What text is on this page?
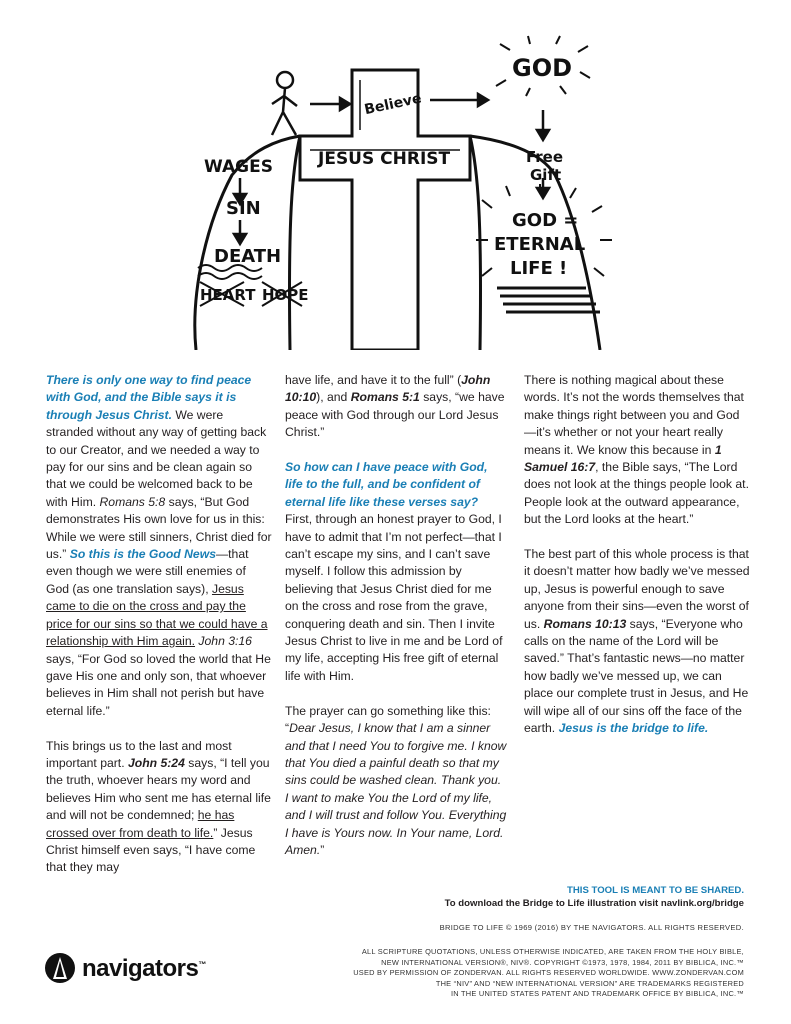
WAGES
SIN
DEATH
HEART HOPE
JESUS CHRIST
Believe
GOD
Free
Gift
GOD =
ETERNAL
LIFE !

There is only one way to find peace with God, and the Bible says it is through Jesus Christ. We were stranded without any way of getting back to our Creator, and we needed a way to pay for our sins and be clean again so that we could be welcomed back to be with Him. Romans 5:8 says, “But God demonstrates His own love for us in this: While we were still sinners, Christ died for us.” So this is the Good News—that even though we were still enemies of God (as one translation says), Jesus came to die on the cross and pay the price for our sins so that we could have a relationship with Him again. John 3:16 says, “For God so loved the world that He gave His one and only son, that whoever believes in Him shall not perish but have eternal life.”

This brings us to the last and most important part. John 5:24 says, “I tell you the truth, whoever hears my word and believes Him who sent me has eternal life and will not be condemned; he has crossed over from death to life.” Jesus Christ himself even says, “I have come that they may

have life, and have it to the full” (John 10:10), and Romans 5:1 says, “we have peace with God through our Lord Jesus Christ.”

So how can I have peace with God, life to the full, and be confident of eternal life like these verses say? First, through an honest prayer to God, I have to admit that I’m not perfect—that I can’t escape my sins, and I can’t save myself. I follow this admission by believing that Jesus Christ died for me on the cross and rose from the grave, conquering death and sin. Then I invite Jesus Christ to live in me and be Lord of my life, accepting His free gift of eternal life with Him.

The prayer can go something like this: “Dear Jesus, I know that I am a sinner and that I need You to forgive me. I know that You died a painful death so that my sins could be washed clean. Thank you. I want to make You the Lord of my life, and I will trust and follow You. Everything I have is Yours now. In Your name, Lord. Amen.”

There is nothing magical about these words. It’s not the words themselves that make things right between you and God—it’s whether or not your heart really means it. We know this because in 1 Samuel 16:7, the Bible says, “The Lord does not look at the things people look at. People look at the outward appearance, but the Lord looks at the heart.”

The best part of this whole process is that it doesn’t matter how badly we’ve messed up, Jesus is powerful enough to save anyone from their sins—even the worst of us. Romans 10:13 says, “Everyone who calls on the name of the Lord will be saved.” That’s fantastic news—no matter how badly we’ve messed up, we can place our complete trust in Jesus, and He will wipe all of our sins off the face of the earth. Jesus is the bridge to life.

THIS TOOL IS MEANT TO BE SHARED.
To download the Bridge to Life illustration visit navlink.org/bridge
BRIDGE TO LIFE © 1969 (2016) BY THE NAVIGATORS. ALL RIGHTS RESERVED.
ALL SCRIPTURE QUOTATIONS, UNLESS OTHERWISE INDICATED, ARE TAKEN FROM THE HOLY BIBLE,
NEW INTERNATIONAL VERSION®, NIV®. COPYRIGHT ©1973, 1978, 1984, 2011 BY BIBLICA, INC.™
USED BY PERMISSION OF ZONDERVAN. ALL RIGHTS RESERVED WORLDWIDE. WWW.ZONDERVAN.COM
THE “NIV” AND “NEW INTERNATIONAL VERSION” ARE TRADEMARKS REGISTERED
IN THE UNITED STATES PATENT AND TRADEMARK OFFICE BY BIBLICA, INC.™
navigators™
